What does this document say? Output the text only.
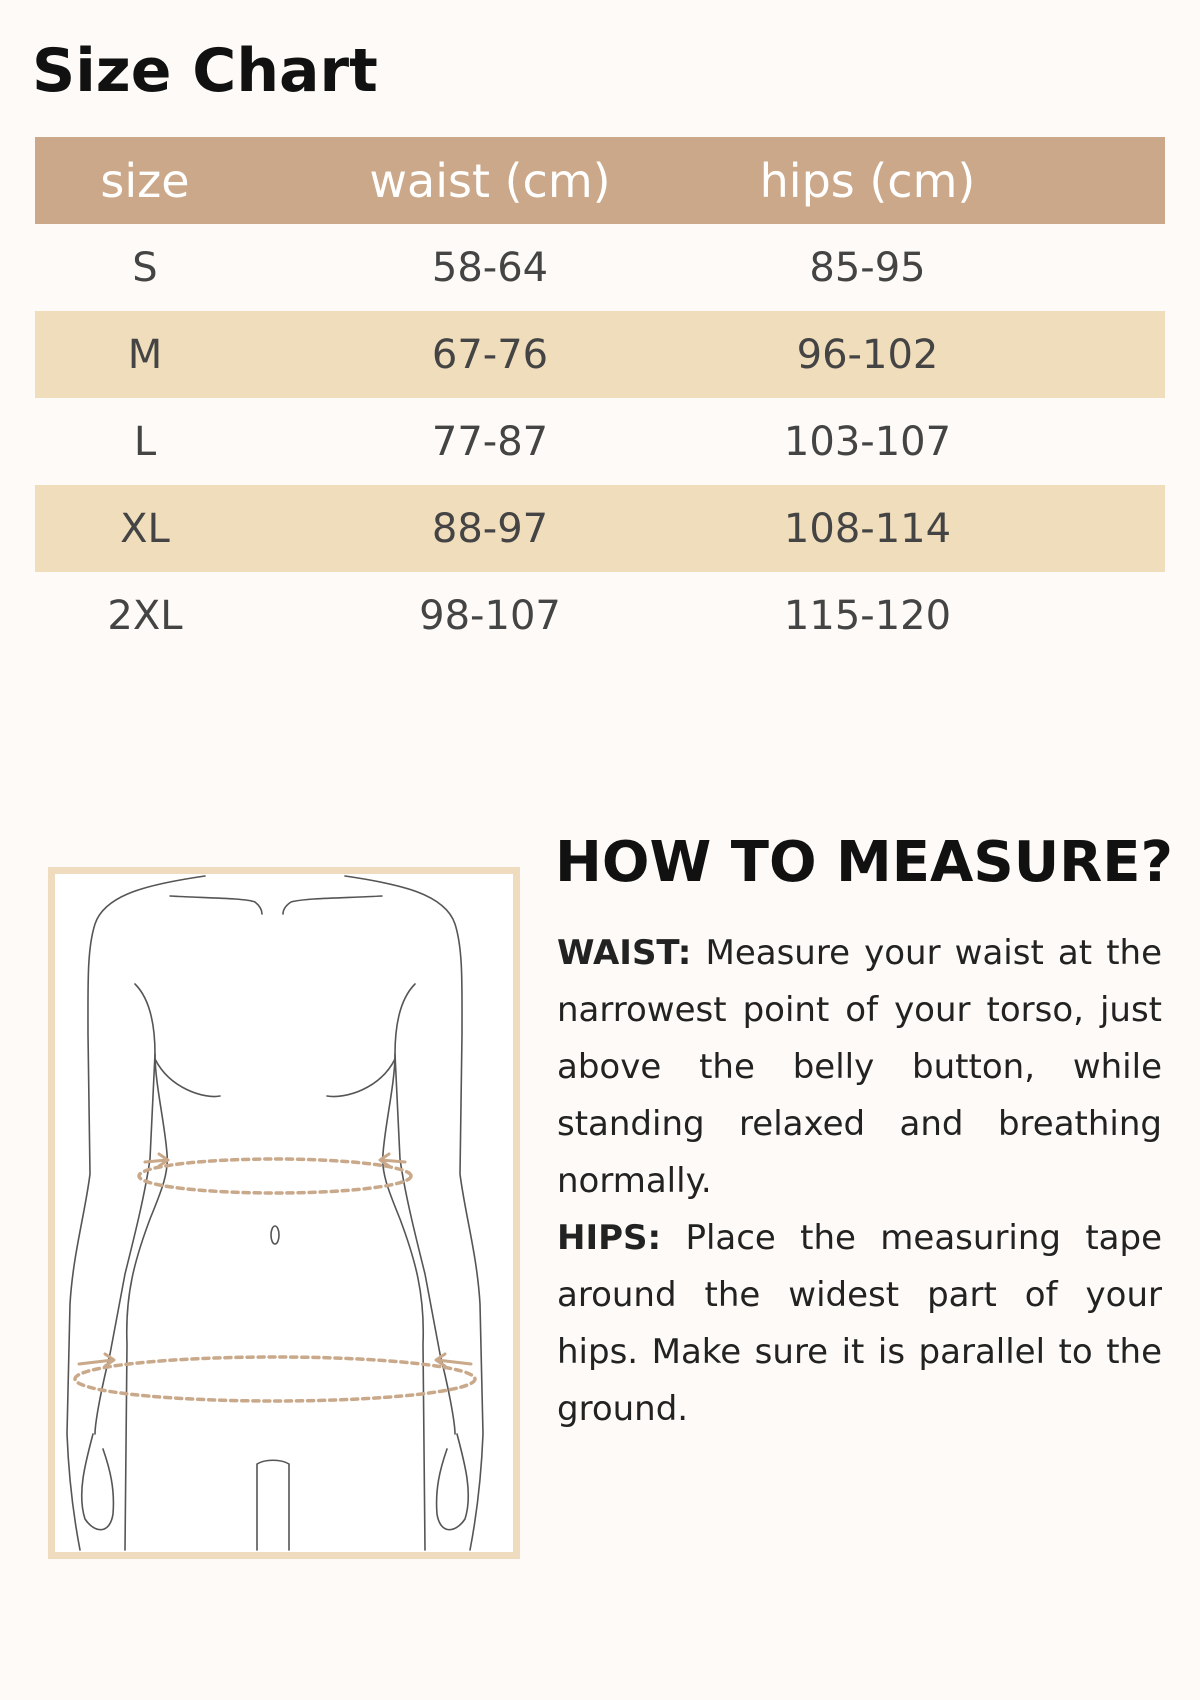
Size Chart
size	waist (cm)	hips (cm)	
S	58-64	85-95	
M	67-76	96-102	
L	77-87	103-107	
XL	88-97	108-114	
2XL	98-107	115-120	
HOW TO MEASURE?

WAIST: Measure your waist at the narrowest point of your torso, just above the belly button, while standing relaxed and breathing normally.

HIPS: Place the measuring tape around the widest part of your hips. Make sure it is parallel to the ground.
